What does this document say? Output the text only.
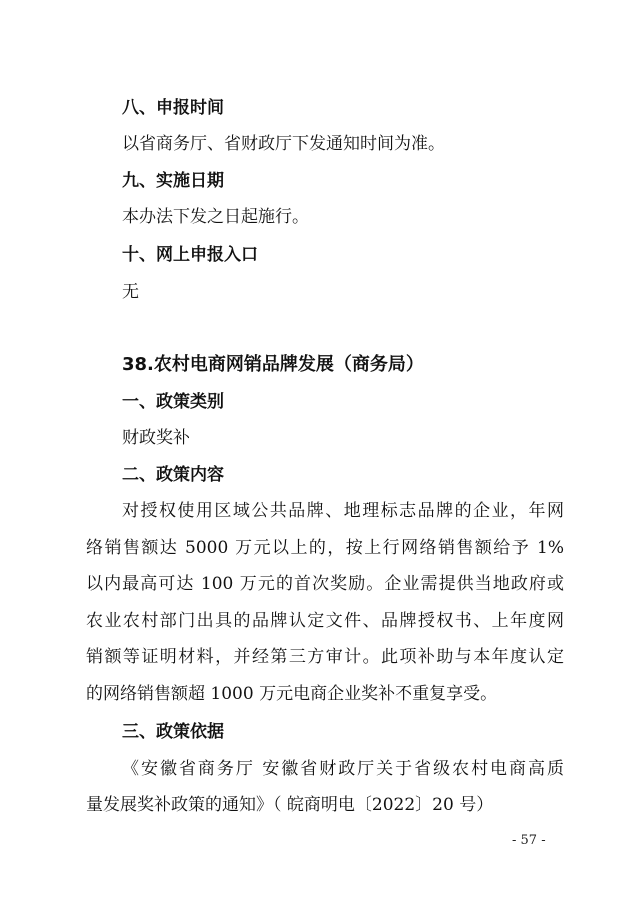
八、申报时间
以省商务厅、省财政厅下发通知时间为准。
九、实施日期
本办法下发之日起施行。
十、网上申报入口
无
38.农村电商网销品牌发展（商务局）
一、政策类别
财政奖补
二、政策内容
对授权使用区域公共品牌、地理标志品牌的企业，年网
络销售额达 5000 万元以上的，按上行网络销售额给予 1%
以内最高可达 100 万元的首次奖励。企业需提供当地政府或
农业农村部门出具的品牌认定文件、品牌授权书、上年度网
销额等证明材料，并经第三方审计。此项补助与本年度认定
的网络销售额超 1000 万元电商企业奖补不重复享受。
三、政策依据
《安徽省商务厅 安徽省财政厅关于省级农村电商高质
量发展奖补政策的通知》（ 皖商明电〔2022〕20 号）
- 57 -
